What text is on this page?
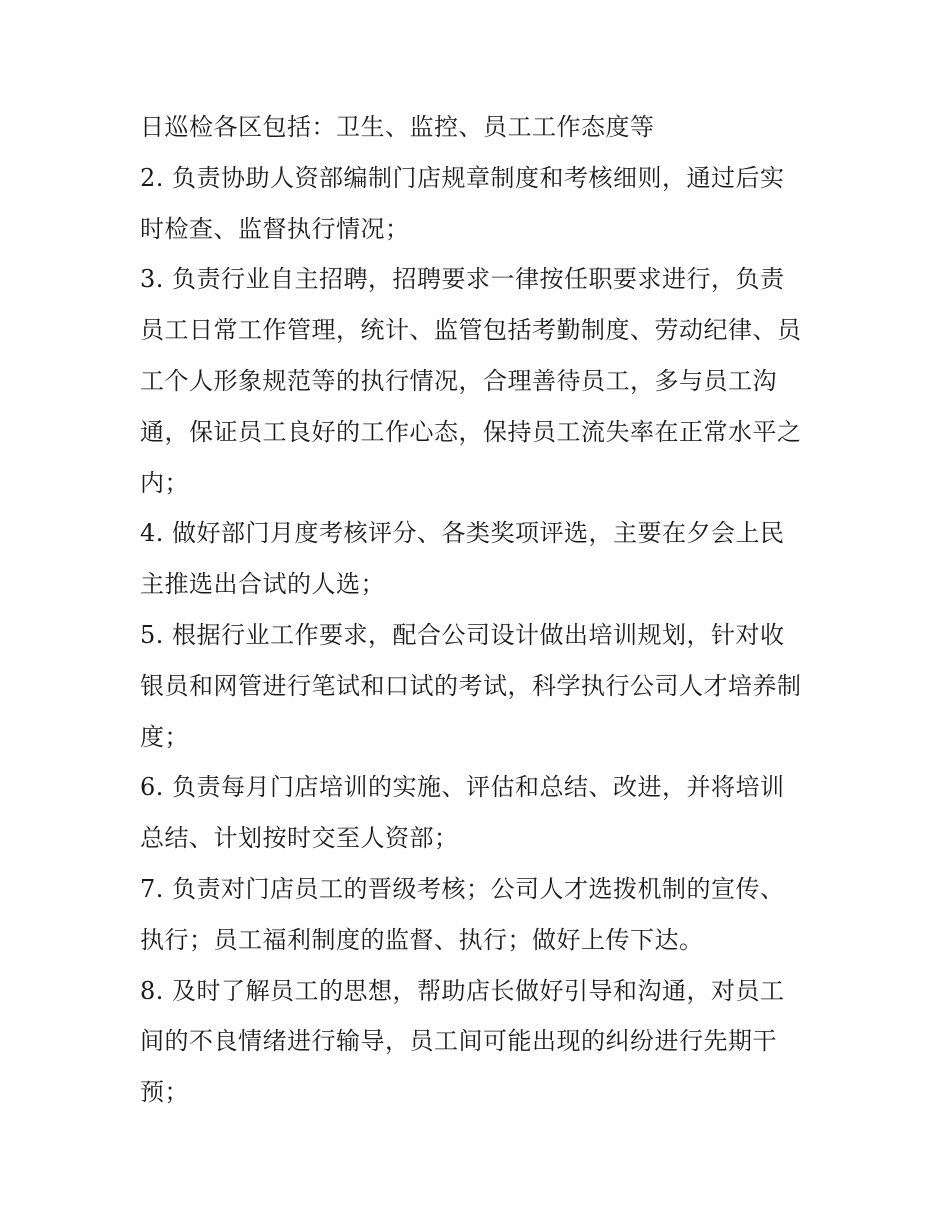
日巡检各区包括：卫生、监控、员工工作态度等
2. 负责协助人资部编制门店规章制度和考核细则，通过后实
时检查、监督执行情况；
3. 负责行业自主招聘，招聘要求一律按任职要求进行，负责
员工日常工作管理，统计、监管包括考勤制度、劳动纪律、员
工个人形象规范等的执行情况，合理善待员工，多与员工沟
通，保证员工良好的工作心态，保持员工流失率在正常水平之
内；
4. 做好部门月度考核评分、各类奖项评选，主要在夕会上民
主推选出合试的人选；
5. 根据行业工作要求，配合公司设计做出培训规划，针对收
银员和网管进行笔试和口试的考试，科学执行公司人才培养制
度；
6. 负责每月门店培训的实施、评估和总结、改进，并将培训
总结、计划按时交至人资部；
7. 负责对门店员工的晋级考核；公司人才选拨机制的宣传、
执行；员工福利制度的监督、执行；做好上传下达。
8. 及时了解员工的思想，帮助店长做好引导和沟通，对员工
间的不良情绪进行输导，员工间可能出现的纠纷进行先期干
预；
